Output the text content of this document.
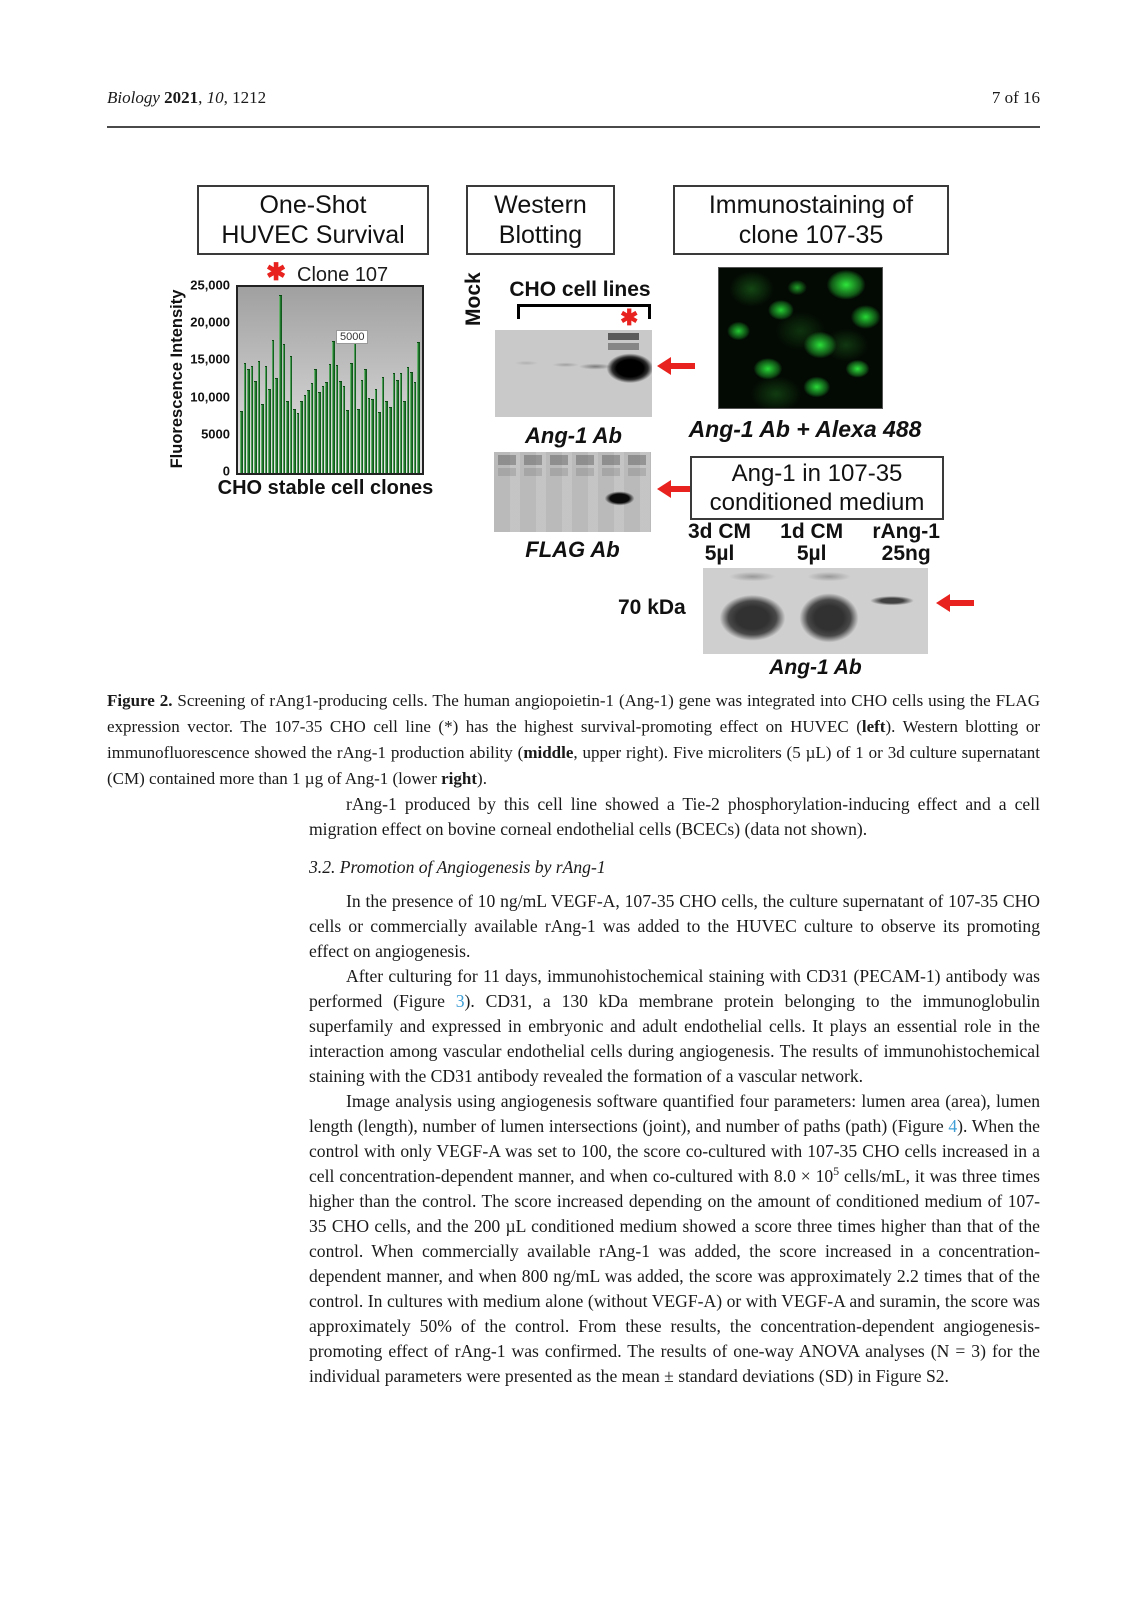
Biology 2021, 10, 1212	7 of 16
One-Shot
HUVEC Survival
Fluorescence Intensity
25,000
20,000
15,000
10,000
5000
0
✱ Clone 107
5000
CHO stable cell clones
Western
Blotting
Mock	CHO cell lines
✱
Ang-1 Ab
FLAG Ab
Immunostaining of
clone 107-35
Ang-1 Ab + Alexa 488
Ang-1 in 107-35
conditioned medium
3d CM
5µl
1d CM
5µl
rAng-1
25ng
70 kDa
Ang-1 Ab
Figure 2. Screening of rAng1-producing cells. The human angiopoietin-1 (Ang-1) gene was integrated into CHO cells using the FLAG expression vector. The 107-35 CHO cell line (*) has the highest survival-promoting effect on HUVEC (left). Western blotting or immunofluorescence showed the rAng-1 production ability (middle, upper right). Five microliters (5 µL) of 1 or 3d culture supernatant (CM) contained more than 1 µg of Ang-1 (lower right).

rAng-1 produced by this cell line showed a Tie-2 phosphorylation-inducing effect and a cell migration effect on bovine corneal endothelial cells (BCECs) (data not shown).

3.2. Promotion of Angiogenesis by rAng-1

In the presence of 10 ng/mL VEGF-A, 107-35 CHO cells, the culture supernatant of 107-35 CHO cells or commercially available rAng-1 was added to the HUVEC culture to observe its promoting effect on angiogenesis.

After culturing for 11 days, immunohistochemical staining with CD31 (PECAM-1) antibody was performed (Figure 3). CD31, a 130 kDa membrane protein belonging to the immunoglobulin superfamily and expressed in embryonic and adult endothelial cells. It plays an essential role in the interaction among vascular endothelial cells during angiogenesis. The results of immunohistochemical staining with the CD31 antibody revealed the formation of a vascular network.

Image analysis using angiogenesis software quantified four parameters: lumen area (area), lumen length (length), number of lumen intersections (joint), and number of paths (path) (Figure 4). When the control with only VEGF-A was set to 100, the score co-cultured with 107-35 CHO cells increased in a cell concentration-dependent manner, and when co-cultured with $8.0 \times 10^5$ cells/mL, it was three times higher than the control. The score increased depending on the amount of conditioned medium of 107-35 CHO cells, and the 200 µL conditioned medium showed a score three times higher than that of the control. When commercially available rAng-1 was added, the score increased in a concentration-dependent manner, and when 800 ng/mL was added, the score was approximately 2.2 times that of the control. In cultures with medium alone (without VEGF-A) or with VEGF-A and suramin, the score was approximately 50% of the control. From these results, the concentration-dependent angiogenesis-promoting effect of rAng-1 was confirmed. The results of one-way ANOVA analyses (N = 3) for the individual parameters were presented as the mean ± standard deviations (SD) in Figure S2.
